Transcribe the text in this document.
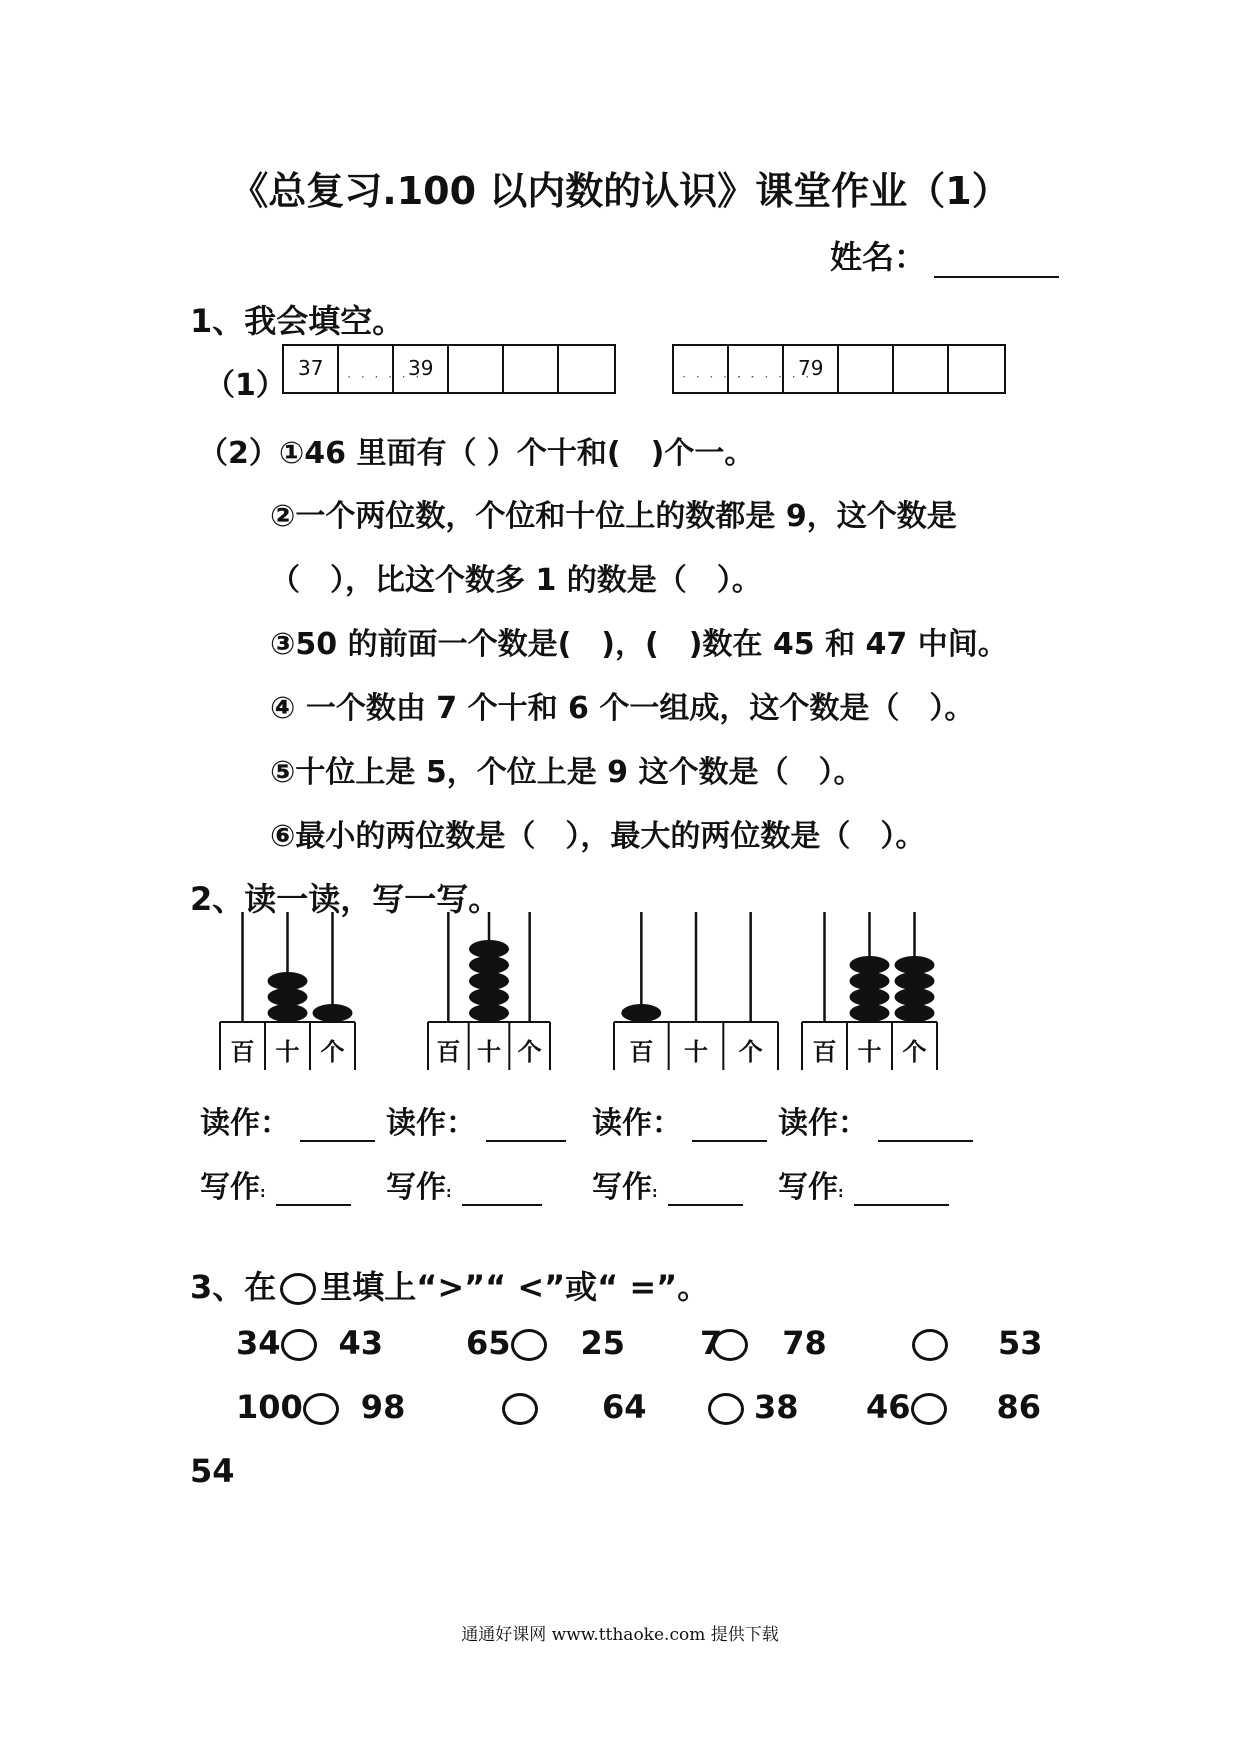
《总复习.100 以内数的认识》课堂作业（1）
姓名：
1、我会填空。
（1） 37 · · · · · ·
39	· · · · · ·
· · · · · ·
79
（2）①46 里面有（ ）个十和(　)个一。
②一个两位数，个位和十位上的数都是 9，这个数是
（　），比这个数多 1 的数是（　）。
③50 的前面一个数是(　)，(　)数在 45 和 47 中间。
④ 一个数由 7 个十和 6 个一组成，这个数是（　）。
⑤十位上是 5，个位上是 9 这个数是（　）。
⑥最小的两位数是（　），最大的两位数是（　）。
2、读一读，写一写。
百 十 个	百 十 个	百 十 个 百 十 个
读作：	读作：	读作：	读作：
写作:	写作:	写作:	写作:
3、在 里填上“>”“ <”或“ =”。
34 43	65 25 7 78	53
100 98	64	38 46	86
54
通通好课网 www.tthaoke.com 提供下载
